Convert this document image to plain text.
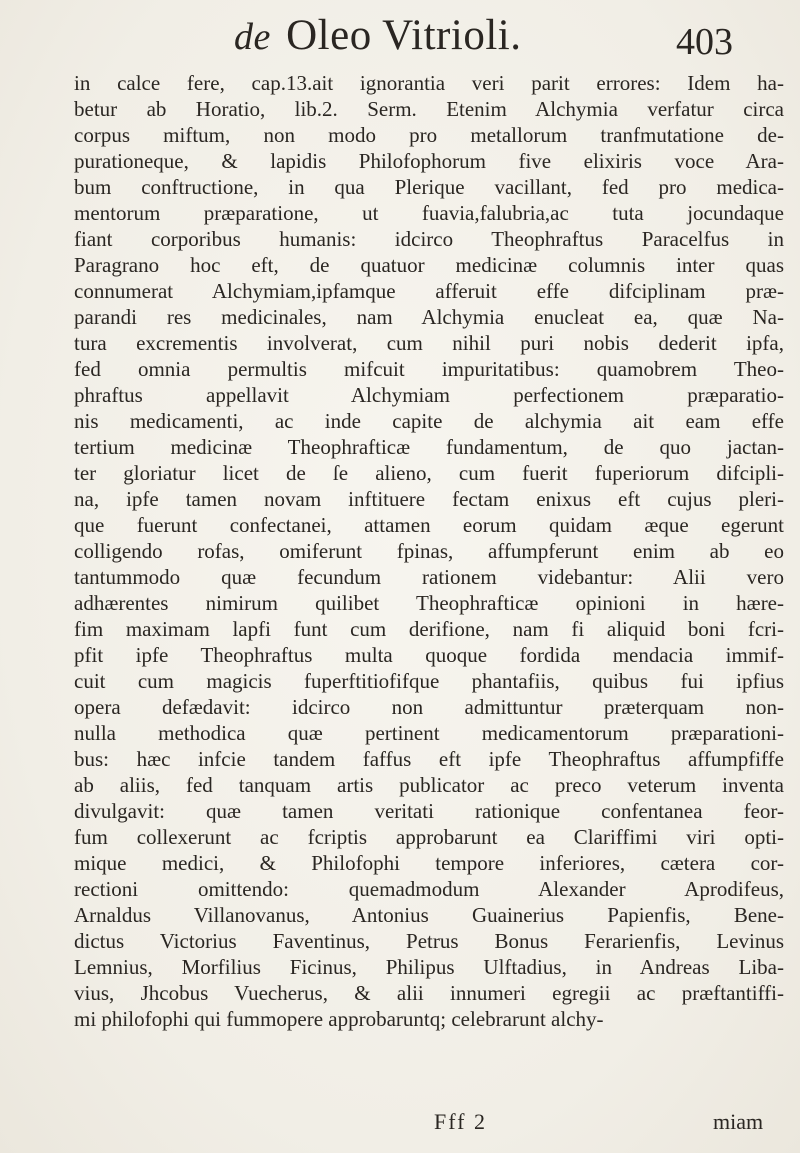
de Oleo Vitrioli.	403
in calce fere, cap.13.ait ignorantia veri parit errores: Idem ha-
betur ab Horatio, lib.2. Serm. Etenim Alchymia verfatur circa
corpus miftum, non modo pro metallorum tranfmutatione de-
purationeque, & lapidis Philofophorum five elixiris voce Ara-
bum conftructione, in qua Plerique vacillant, fed pro medica-
mentorum præparatione, ut fuavia,falubria,ac tuta jocundaque
fiant corporibus humanis: idcirco Theophraftus Paracelfus in
Paragrano hoc eft, de quatuor medicinæ columnis inter quas
connumerat Alchymiam,ipfamque afferuit effe difciplinam præ-
parandi res medicinales, nam Alchymia enucleat ea, quæ Na-
tura excrementis involverat, cum nihil puri nobis dederit ipfa,
fed omnia permultis mifcuit impuritatibus: quamobrem Theo-
phraftus appellavit Alchymiam perfectionem præparatio-
nis medicamenti, ac inde capite de alchymia ait eam effe
tertium medicinæ Theophrafticæ fundamentum, de quo jactan-
ter gloriatur licet de ſe alieno, cum fuerit fuperiorum difcipli-
na, ipfe tamen novam inftituere fectam enixus eft cujus pleri-
que fuerunt confectanei, attamen eorum quidam æque egerunt
colligendo rofas, omiferunt fpinas, affumpferunt enim ab eo
tantummodo quæ fecundum rationem videbantur: Alii vero
adhærentes nimirum quilibet Theophrafticæ opinioni in hære-
fim maximam lapfi funt cum derifione, nam fi aliquid boni fcri-
pfit ipfe Theophraftus multa quoque fordida mendacia immif-
cuit cum magicis fuperftitiofifque phantafiis, quibus fui ipfius
opera defædavit: idcirco non admittuntur præterquam non-
nulla methodica quæ pertinent medicamentorum præparationi-
bus: hæc infcie tandem faffus eft ipfe Theophraftus affumpfiffe
ab aliis, fed tanquam artis publicator ac preco veterum inventa
divulgavit: quæ tamen veritati rationique confentanea feor-
fum collexerunt ac fcriptis approbarunt ea Clariffimi viri opti-
mique medici, & Philofophi tempore inferiores, cætera cor-
rectioni omittendo: quemadmodum Alexander Aprodifeus,
Arnaldus Villanovanus, Antonius Guainerius Papienfis, Bene-
dictus Victorius Faventinus, Petrus Bonus Ferarienfis, Levinus
Lemnius, Morfilius Ficinus, Philipus Ulftadius, in Andreas Liba-
vius, Jhcobus Vuecherus, & alii innumeri egregii ac præftantiffi-
mi philofophi qui fummopere approbaruntq; celebrarunt alchy-
Fff 2	miam
